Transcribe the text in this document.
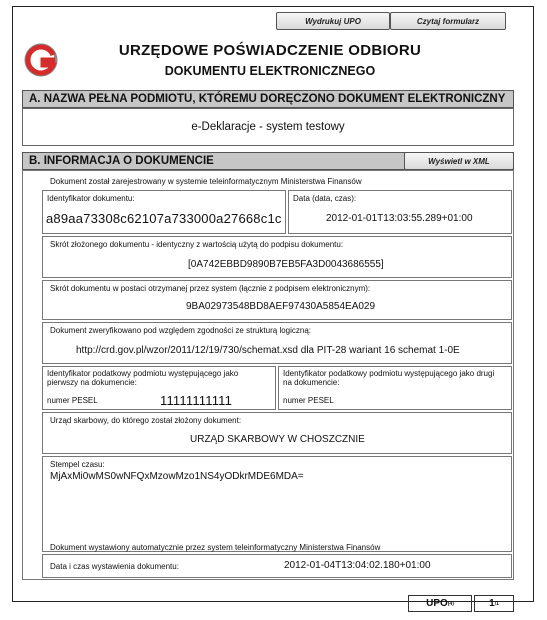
Wydrukuj UPO	Czytaj formularz
URZĘDOWE POŚWIADCZENIE ODBIORU
DOKUMENTU ELEKTRONICZNEGO
A. NAZWA PEŁNA PODMIOTU, KTÓREMU DORĘCZONO DOKUMENT ELEKTRONICZNY
e-Deklaracje - system testowy
B. INFORMACJA O DOKUMENCIE	Wyświetl w XML
Dokument został zarejestrowany w systemie teleinformatycznym Ministerstwa Finansów
Identyfikator dokumentu:
a89aa73308c62107a733000a27668c1c
Data (data, czas):
2012-01-01T13:03:55.289+01:00
Skrót złożonego dokumentu - identyczny z wartością użytą do podpisu dokumentu:
[0A742EBBD9890B7EB5FA3D0043686555]
Skrót dokumentu w postaci otrzymanej przez system (łącznie z podpisem elektronicznym):
9BA02973548BD8AEF97430A5854EA029
Dokument zweryfikowano pod względem zgodności ze strukturą logiczną:
http://crd.gov.pl/wzor/2011/12/19/730/schemat.xsd dla PIT-28 wariant 16 schemat 1-0E
Identyfikator podatkowy podmiotu występującego jako pierwszy na dokumencie:
numer PESEL	11111111111
Identyfikator podatkowy podmiotu występującego jako drugi na dokumencie:
numer PESEL
Urząd skarbowy, do którego został złożony dokument:
URZĄD SKARBOWY W CHOSZCZNIE
Stempel czasu:
MjAxMi0wMS0wNFQxMzowMzo1NS4yODkrMDE6MDA=
Dokument wystawiony automatycznie przez system teleinformatyczny Ministerstwa Finansów
Data i czas wystawienia dokumentu:	2012-01-04T13:04:02.180+01:00
UPO (4)	1 /1
